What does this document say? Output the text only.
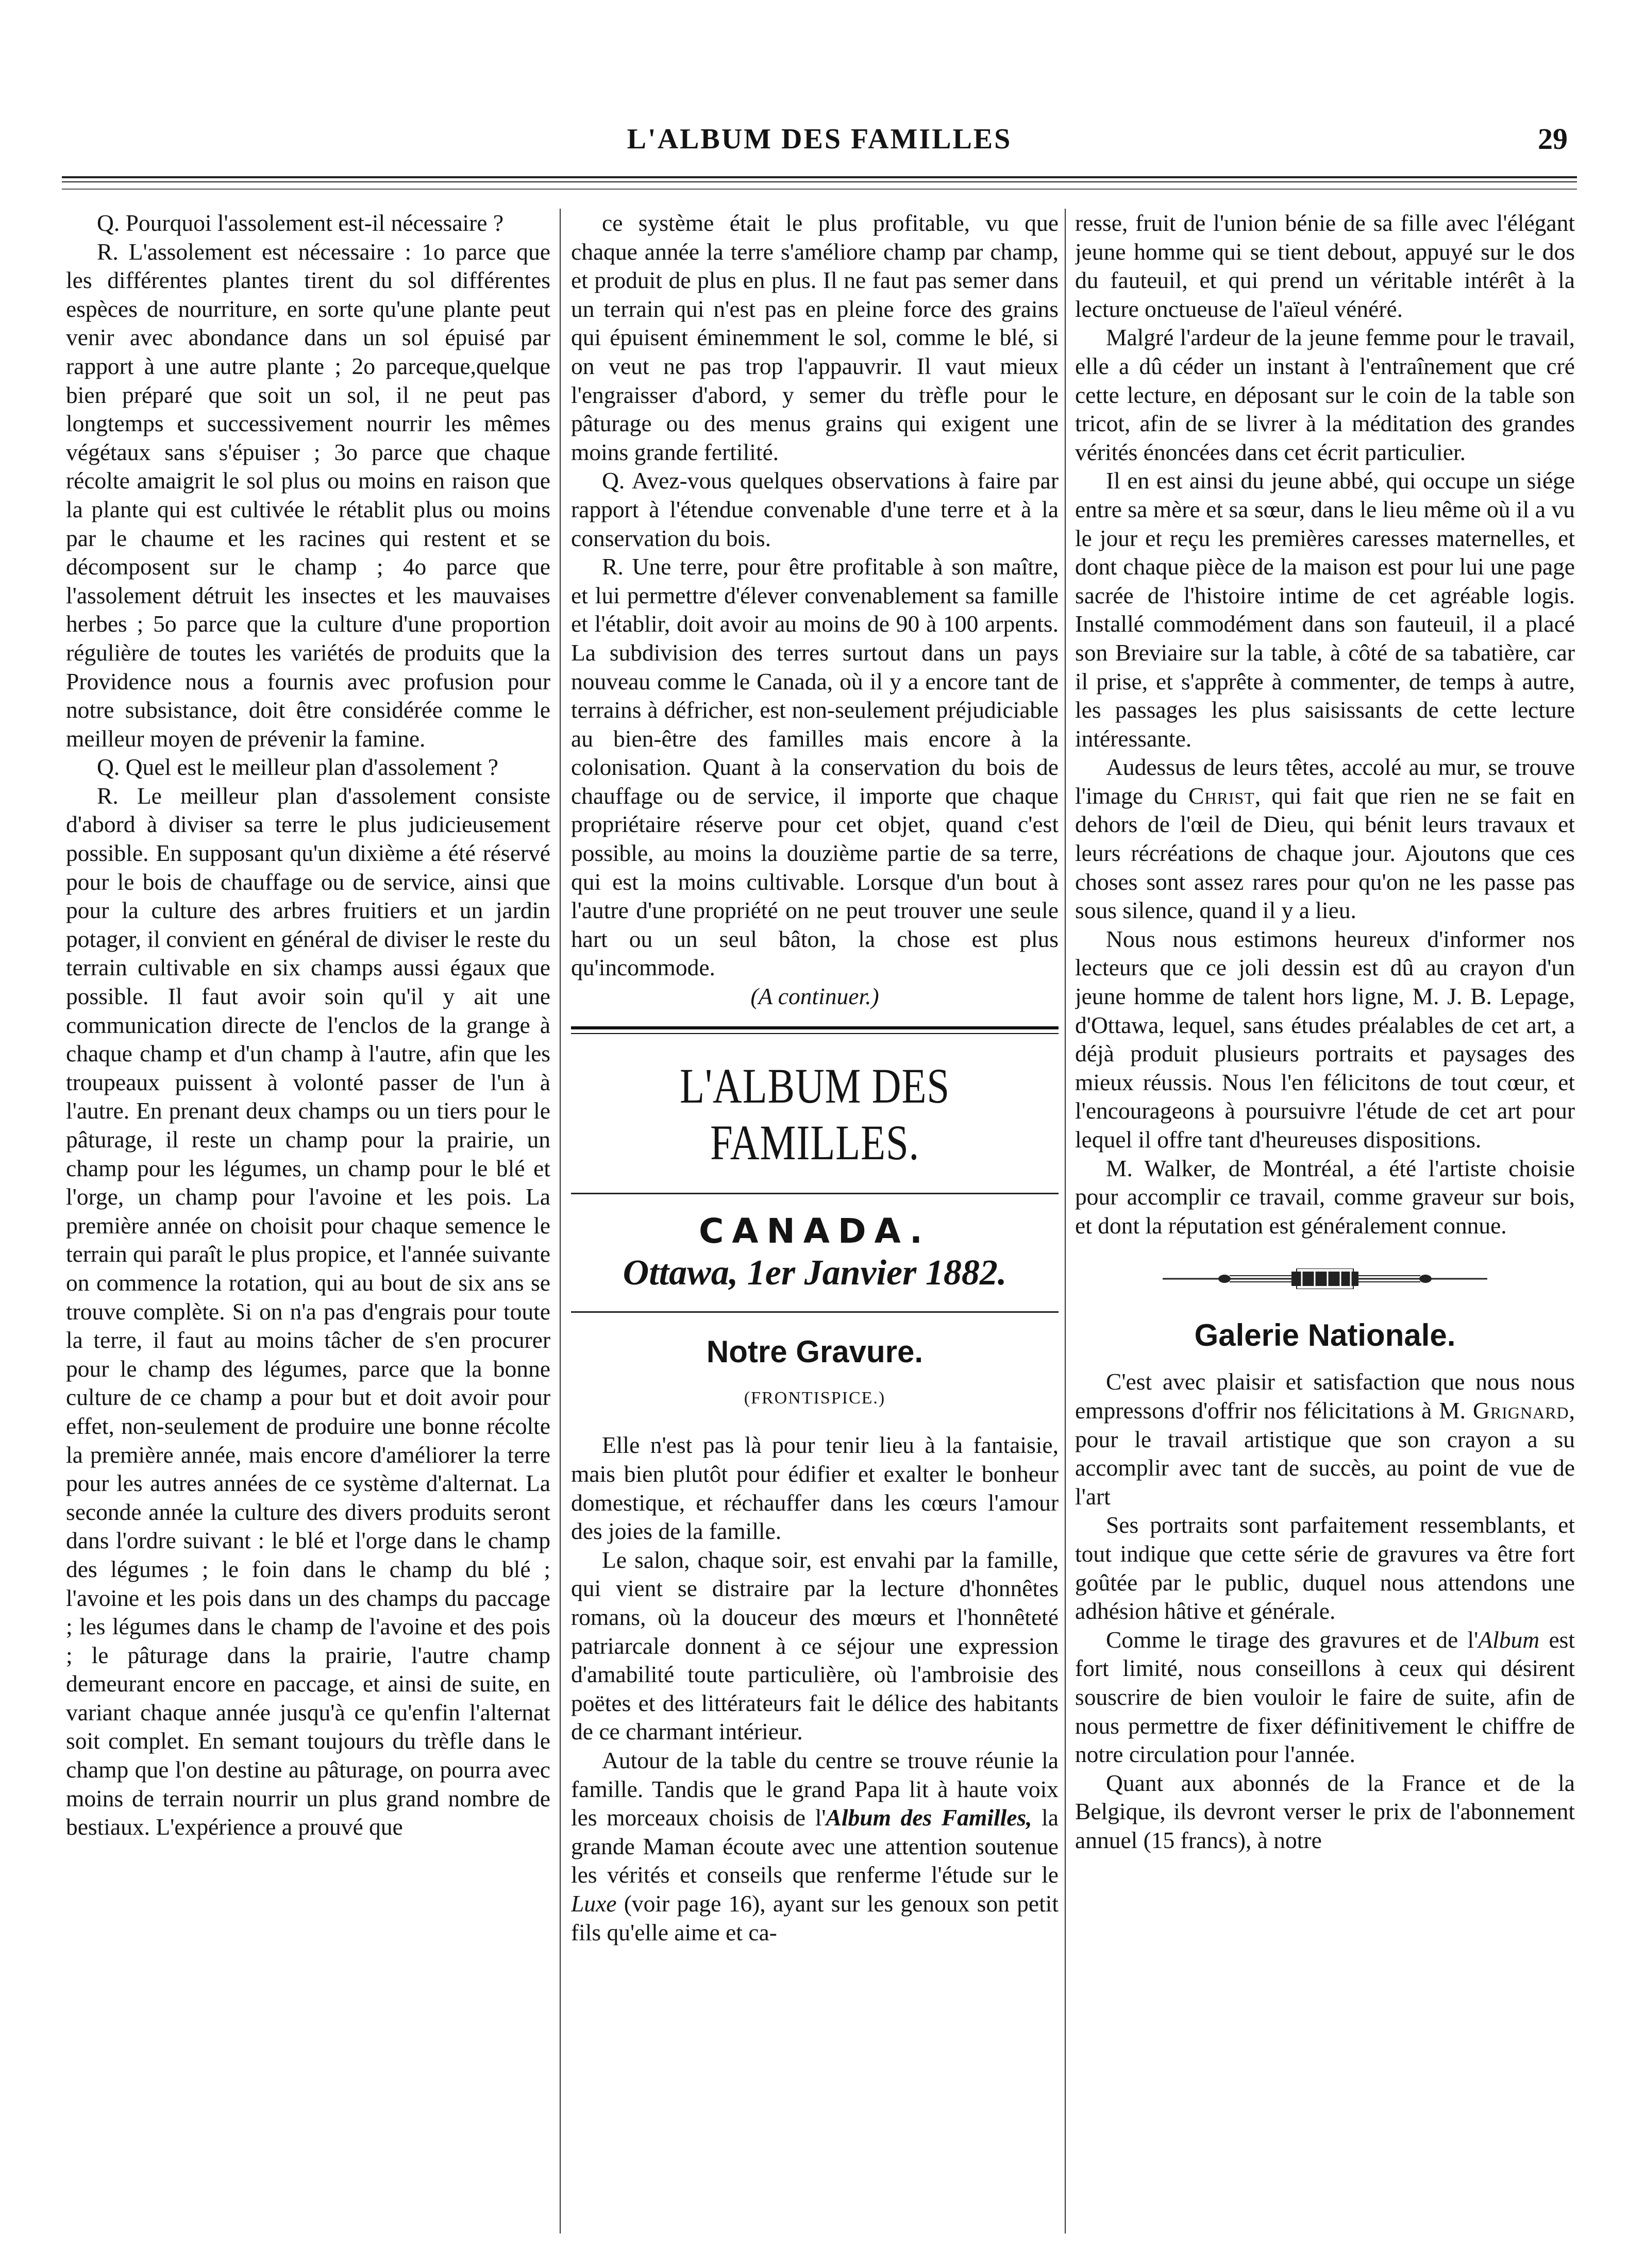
L'ALBUM DES FAMILLES	29

Q. Pourquoi l'assolement est-il nécessaire ?

R. L'assolement est nécessaire : 1o parce que les différentes plantes tirent du sol différentes espèces de nourriture, en sorte qu'une plante peut venir avec abondance dans un sol épuisé par rapport à une autre plante ; 2o parceque,quelque bien préparé que soit un sol, il ne peut pas longtemps et successivement nourrir les mêmes végétaux sans s'épuiser ; 3o parce que chaque récolte amaigrit le sol plus ou moins en raison que la plante qui est cultivée le rétablit plus ou moins par le chaume et les racines qui restent et se décomposent sur le champ ; 4o parce que l'assolement détruit les insectes et les mauvaises herbes ; 5o parce que la culture d'une proportion régulière de toutes les variétés de produits que la Providence nous a fournis avec profusion pour notre subsistance, doit être considérée comme le meilleur moyen de prévenir la famine.

Q. Quel est le meilleur plan d'assolement ?

R. Le meilleur plan d'assolement consiste d'abord à diviser sa terre le plus judicieusement possible. En supposant qu'un dixième a été réservé pour le bois de chauffage ou de service, ainsi que pour la culture des arbres fruitiers et un jardin potager, il convient en général de diviser le reste du terrain cultivable en six champs aussi égaux que possible. Il faut avoir soin qu'il y ait une communication directe de l'enclos de la grange à chaque champ et d'un champ à l'autre, afin que les troupeaux puissent à volonté passer de l'un à l'autre. En prenant deux champs ou un tiers pour le pâturage, il reste un champ pour la prairie, un champ pour les légumes, un champ pour le blé et l'orge, un champ pour l'avoine et les pois. La première année on choisit pour chaque semence le terrain qui paraît le plus propice, et l'année suivante on commence la rotation, qui au bout de six ans se trouve complète. Si on n'a pas d'engrais pour toute la terre, il faut au moins tâcher de s'en procurer pour le champ des légumes, parce que la bonne culture de ce champ a pour but et doit avoir pour effet, non-seulement de produire une bonne récolte la première année, mais encore d'améliorer la terre pour les autres années de ce système d'alternat. La seconde année la culture des divers produits seront dans l'ordre suivant : le blé et l'orge dans le champ des légumes ; le foin dans le champ du blé ; l'avoine et les pois dans un des champs du paccage ; les légumes dans le champ de l'avoine et des pois ; le pâturage dans la prairie, l'autre champ demeurant encore en paccage, et ainsi de suite, en variant chaque année jusqu'à ce qu'enfin l'alternat soit complet. En semant toujours du trèfle dans le champ que l'on destine au pâturage, on pourra avec moins de terrain nourrir un plus grand nombre de bestiaux. L'expérience a prouvé que

ce système était le plus profitable, vu que chaque année la terre s'améliore champ par champ, et produit de plus en plus. Il ne faut pas semer dans un terrain qui n'est pas en pleine force des grains qui épuisent éminemment le sol, comme le blé, si on veut ne pas trop l'appauvrir. Il vaut mieux l'engraisser d'abord, y semer du trèfle pour le pâturage ou des menus grains qui exigent une moins grande fertilité.

Q. Avez-vous quelques observations à faire par rapport à l'étendue convenable d'une terre et à la conservation du bois.

R. Une terre, pour être profitable à son maître, et lui permettre d'élever convenablement sa famille et l'établir, doit avoir au moins de 90 à 100 arpents. La subdivision des terres surtout dans un pays nouveau comme le Canada, où il y a encore tant de terrains à défricher, est non-seulement préjudiciable au bien-être des familles mais encore à la colonisation. Quant à la conservation du bois de chauffage ou de service, il importe que chaque propriétaire réserve pour cet objet, quand c'est possible, au moins la douzième partie de sa terre, qui est la moins cultivable. Lorsque d'un bout à l'autre d'une propriété on ne peut trouver une seule hart ou un seul bâton, la chose est plus qu'incommode.

(A continuer.)

L'ALBUM DES FAMILLES.
CANADA.
Ottawa, 1er Janvier 1882.
Notre Gravure.
(FRONTISPICE.)

Elle n'est pas là pour tenir lieu à la fantaisie, mais bien plutôt pour édifier et exalter le bonheur domestique, et réchauffer dans les cœurs l'amour des joies de la famille.

Le salon, chaque soir, est envahi par la famille, qui vient se distraire par la lecture d'honnêtes romans, où la douceur des mœurs et l'honnêteté patriarcale donnent à ce séjour une expression d'amabilité toute particulière, où l'ambroisie des poëtes et des littérateurs fait le délice des habitants de ce charmant intérieur.

Autour de la table du centre se trouve réunie la famille. Tandis que le grand Papa lit à haute voix les morceaux choisis de l'Album des Familles, la grande Maman écoute avec une attention soutenue les vérités et conseils que renferme l'étude sur le Luxe (voir page 16), ayant sur les genoux son petit fils qu'elle aime et ca-

resse, fruit de l'union bénie de sa fille avec l'élégant jeune homme qui se tient debout, appuyé sur le dos du fauteuil, et qui prend un véritable intérêt à la lecture onctueuse de l'aïeul vénéré.

Malgré l'ardeur de la jeune femme pour le travail, elle a dû céder un instant à l'entraînement que cré cette lecture, en déposant sur le coin de la table son tricot, afin de se livrer à la méditation des grandes vérités énoncées dans cet écrit particulier.

Il en est ainsi du jeune abbé, qui occupe un siége entre sa mère et sa sœur, dans le lieu même où il a vu le jour et reçu les premières caresses maternelles, et dont chaque pièce de la maison est pour lui une page sacrée de l'histoire intime de cet agréable logis. Installé commodément dans son fauteuil, il a placé son Breviaire sur la table, à côté de sa tabatière, car il prise, et s'apprête à commenter, de temps à autre, les passages les plus saisissants de cette lecture intéressante.

Audessus de leurs têtes, accolé au mur, se trouve l'image du Christ, qui fait que rien ne se fait en dehors de l'œil de Dieu, qui bénit leurs travaux et leurs récréations de chaque jour. Ajoutons que ces choses sont assez rares pour qu'on ne les passe pas sous silence, quand il y a lieu.

Nous nous estimons heureux d'informer nos lecteurs que ce joli dessin est dû au crayon d'un jeune homme de talent hors ligne, M. J. B. Lepage, d'Ottawa, lequel, sans études préalables de cet art, a déjà produit plusieurs portraits et paysages des mieux réussis. Nous l'en félicitons de tout cœur, et l'encourageons à poursuivre l'étude de cet art pour lequel il offre tant d'heureuses dispositions.

M. Walker, de Montréal, a été l'artiste choisie pour accomplir ce travail, comme graveur sur bois, et dont la réputation est généralement connue.

Galerie Nationale.

C'est avec plaisir et satisfaction que nous nous empressons d'offrir nos félicitations à M. Grignard, pour le travail artistique que son crayon a su accomplir avec tant de succès, au point de vue de l'art

Ses portraits sont parfaitement ressemblants, et tout indique que cette série de gravures va être fort goûtée par le public, duquel nous attendons une adhésion hâtive et générale.

Comme le tirage des gravures et de l'Album est fort limité, nous conseillons à ceux qui désirent souscrire de bien vouloir le faire de suite, afin de nous permettre de fixer définitivement le chiffre de notre circulation pour l'année.

Quant aux abonnés de la France et de la Belgique, ils devront verser le prix de l'abonnement annuel (15 francs), à notre
